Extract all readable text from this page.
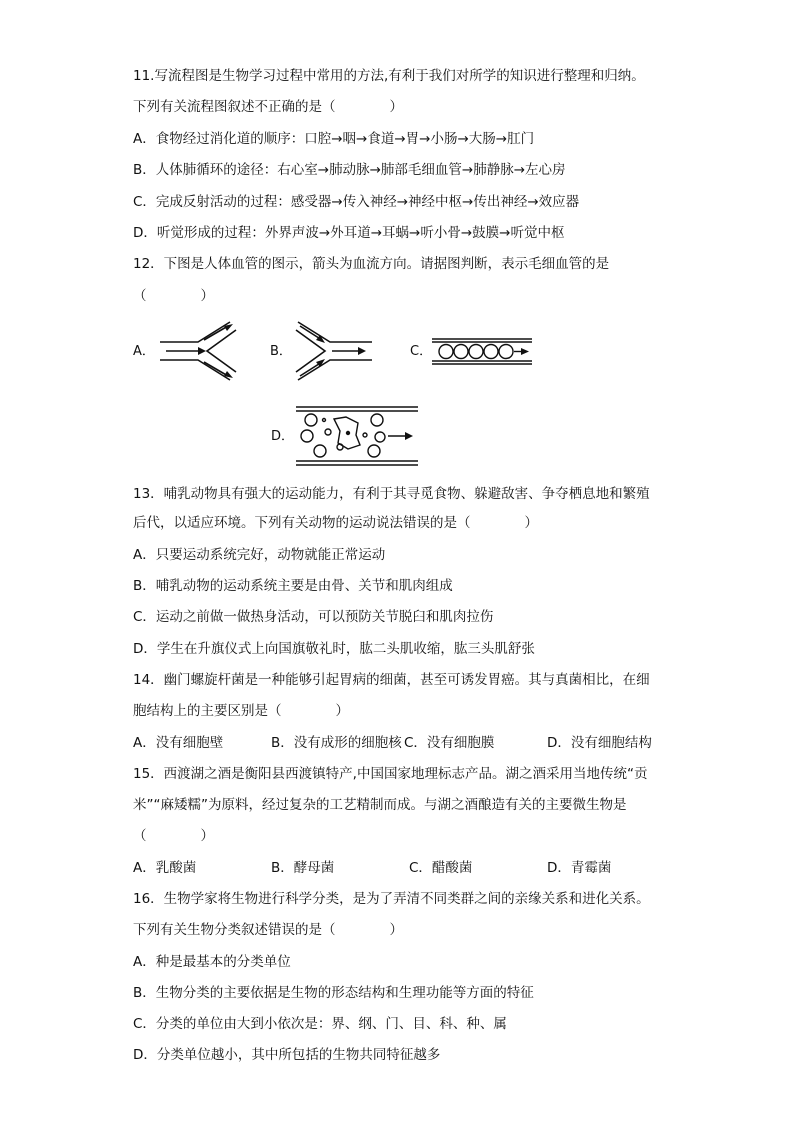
11.写流程图是生物学习过程中常用的方法,有利于我们对所学的知识进行整理和归纳。
下列有关流程图叙述不正确的是（　　　　）
A．食物经过消化道的顺序：口腔→咽→食道→胃→小肠→大肠→肛门
B．人体肺循环的途径：右心室→肺动脉→肺部毛细血管→肺静脉→左心房
C．完成反射活动的过程：感受器→传入神经→神经中枢→传出神经→效应器
D．听觉形成的过程：外界声波→外耳道→耳蜗→听小骨→鼓膜→听觉中枢
12．下图是人体血管的图示，箭头为血流方向。请据图判断，表示毛细血管的是
（　　　　）
A．	B．	C．
D．
13．哺乳动物具有强大的运动能力，有利于其寻觅食物、躲避敌害、争夺栖息地和繁殖
后代，以适应环境。下列有关动物的运动说法错误的是（　　　　）
A．只要运动系统完好，动物就能正常运动
B．哺乳动物的运动系统主要是由骨、关节和肌肉组成
C．运动之前做一做热身活动，可以预防关节脱臼和肌肉拉伤
D．学生在升旗仪式上向国旗敬礼时，肱二头肌收缩，肱三头肌舒张
14．幽门螺旋杆菌是一种能够引起胃病的细菌，甚至可诱发胃癌。其与真菌相比，在细
胞结构上的主要区别是（　　　　）
A．没有细胞壁	B．没有成形的细胞核 C．没有细胞膜	D．没有细胞结构
15．西渡湖之酒是衡阳县西渡镇特产,中国国家地理标志产品。湖之酒采用当地传统“贡
米”“麻矮糯”为原料，经过复杂的工艺精制而成。与湖之酒酿造有关的主要微生物是
（　　　　）
A．乳酸菌	B．酵母菌	C．醋酸菌	D．青霉菌
16．生物学家将生物进行科学分类，是为了弄清不同类群之间的亲缘关系和进化关系。
下列有关生物分类叙述错误的是（　　　　）
A．种是最基本的分类单位
B．生物分类的主要依据是生物的形态结构和生理功能等方面的特征
C．分类的单位由大到小依次是：界、纲、门、目、科、种、属
D．分类单位越小，其中所包括的生物共同特征越多
